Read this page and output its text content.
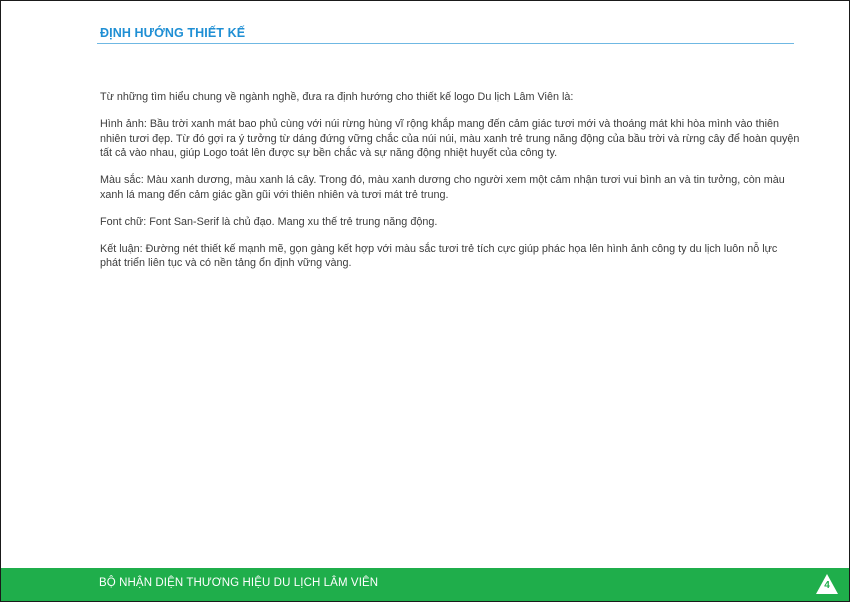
ĐỊNH HƯỚNG THIẾT KẾ

Từ những tìm hiểu chung về ngành nghề, đưa ra định hướng cho thiết kế logo Du lịch Lâm Viên là:

Hình ảnh: Bầu trời xanh mát bao phủ cùng với núi rừng hùng vĩ rộng khắp mang đến cảm giác tươi mới và thoáng mát khi hòa mình vào thiên nhiên tươi đẹp. Từ đó gợi ra ý tưởng từ dáng đứng vững chắc của núi núi, màu xanh trẻ trung năng động của bầu trời và rừng cây để hoàn quyện tất cả vào nhau, giúp Logo toát lên được sự bền chắc và sự năng động nhiệt huyết của công ty.

Màu sắc: Màu xanh dương, màu xanh lá cây. Trong đó, màu xanh dương cho người xem một cảm nhận tươi vui bình an và tin tưởng, còn màu xanh lá mang đến cảm giác gần gũi với thiên nhiên và tươi mát trẻ trung.

Font chữ: Font San-Serif là chủ đạo. Mang xu thế trẻ trung năng động.

Kết luận: Đường nét thiết kế mạnh mẽ, gọn gàng kết hợp với màu sắc tươi trẻ tích cực giúp phác họa lên hình ảnh công ty du lịch luôn nỗ lực phát triển liên tục và có nền tảng ổn định vững vàng.

BỘ NHẬN DIỆN THƯƠNG HIỆU DU LỊCH LÂM VIÊN	4
